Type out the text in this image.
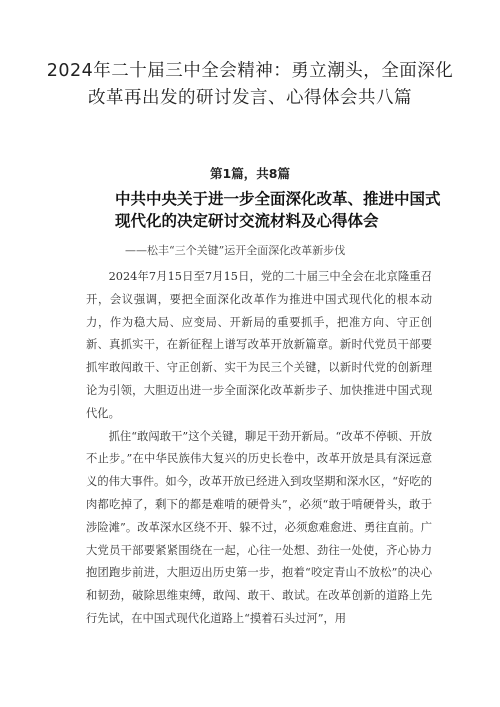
2024年二十届三中全会精神：勇立潮头，全面深化改革再出发的研讨发言、心得体会共八篇
第1篇，共8篇
中共中央关于进一步全面深化改革、推进中国式现代化的决定研讨交流材料及心得体会
——松丰“三个关键”运开全面深化改革新步伐

2024年7月15日至7月15日，党的二十届三中全会在北京隆重召开，会议强调，要把全面深化改革作为推进中国式现代化的根本动力，作为稳大局、应变局、开新局的重要抓手，把准方向、守正创新、真抓实干，在新征程上谱写改革开放新篇章。新时代党员干部要抓牢敢闯敢干、守正创新、实干为民三个关键，以新时代党的创新理论为引领，大胆迈出进一步全面深化改革新步子、加快推进中国式现代化。

抓住“敢闯敢干”这个关键，聊足干劲开新局。“改革不停顿、开放不止步。”在中华民族伟大复兴的历史长卷中，改革开放是具有深远意义的伟大事件。如今，改革开放已经进入到攻坚期和深水区，“好吃的肉都吃掉了，剩下的都是难啃的硬骨头”，必须“敢于啃硬骨头，敢于涉险滩”。改革深水区绕不开、躲不过，必须愈难愈进、勇往直前。广大党员干部要紧紧围绕在一起，心往一处想、劲往一处使，齐心协力抱团跑步前进，大胆迈出历史第一步，抱着“咬定青山不放松”的决心和韧劲，破除思维束缚，敢闯、敢干、敢试。在改革创新的道路上先行先试，在中国式现代化道路上“摸着石头过河”，用
